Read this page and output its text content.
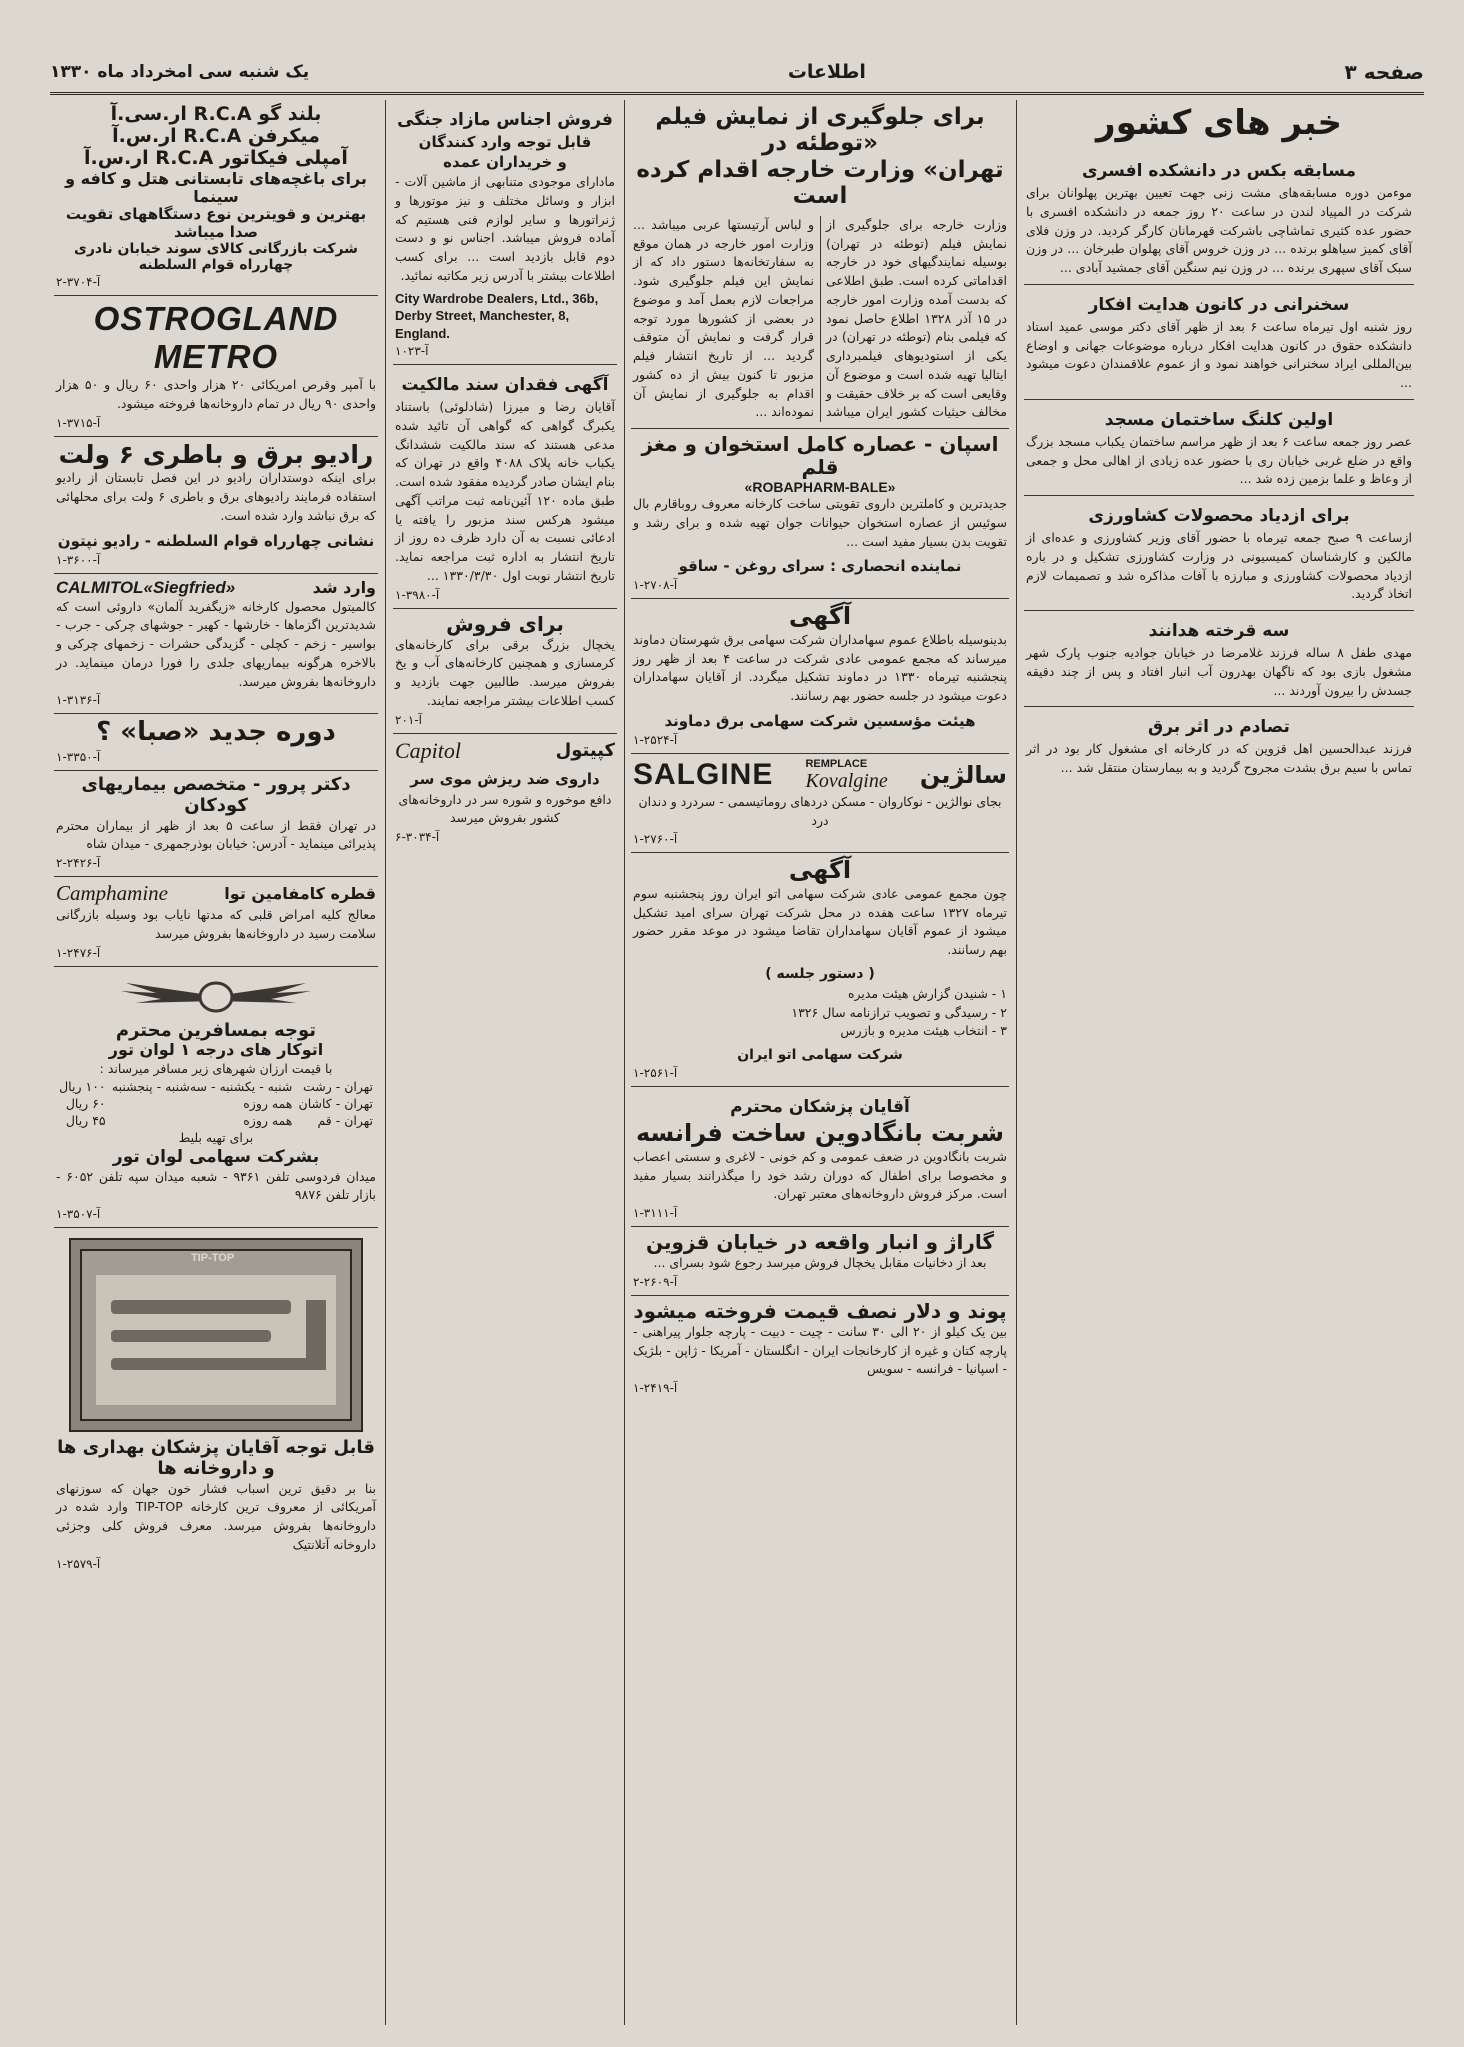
صفحه ۳
اطلاعات
یک شنبه سی امخرداد ماه ۱۳۳۰
خبر های کشور
مسابقه بکس در دانشکده افسری
موءمن دوره مسابقه‌های مشت زنی جهت تعیین بهترین پهلوانان برای شرکت در المپیاد لندن در ساعت ۲۰ روز جمعه در دانشکده افسری با حضور عده کثیری تماشاچی باشرکت قهرمانان کارگر کردید. در وزن فلای آقای کمیز سیاهلو برنده ... در وزن خروس آقای پهلوان طبرخان ... در وزن سبک آقای سپهری برنده ... در وزن نیم سنگین آقای جمشید آبادی ...
سخنرانی در کانون هدایت افکار
روز شنبه اول تیرماه ساعت ۶ بعد از ظهر آقای دکتر موسی عمید استاد دانشکده حقوق در کانون هدایت افکار درباره موضوعات جهانی و اوضاع بین‌المللی ایراد سخنرانی خواهند نمود و از عموم علاقمندان دعوت میشود ...
اولین کلنگ ساختمان مسجد
عصر روز جمعه ساعت ۶ بعد از ظهر مراسم ساختمان یکباب مسجد بزرگ واقع در ضلع غربی خیابان ری با حضور عده زیادی از اهالی محل و جمعی از وعاظ و علما بزمین زده شد ...
برای ازدیاد محصولات کشاورزی
ازساعت ۹ صبح جمعه تیرماه با حضور آقای وزیر کشاورزی و عده‌ای از مالکین و کارشناسان کمیسیونی در وزارت کشاورزی تشکیل و در باره ازدیاد محصولات کشاورزی و مبارزه با آفات مذاکره شد و تصمیمات لازم اتخاذ گردید.
سه قرخته هدانند
مهدی طفل ۸ ساله فرزند غلامرضا در خیابان جوادیه جنوب پارک شهر مشغول بازی بود که ناگهان بهدرون آب انبار افتاد و پس از چند دقیقه جسدش را بیرون آوردند ...
تصادم در اثر برق
فرزند عبدالحسین اهل قزوین که در کارخانه ای مشغول کار بود در اثر تماس با سیم برق بشدت مجروح گردید و به بیمارستان منتقل شد ...
برای جلوگیری از نمایش فیلم «توطئه در
تهران» وزارت خارجه اقدام کرده است
وزارت خارجه برای جلوگیری از نمایش فیلم (توطئه در تهران) بوسیله نمایندگیهای خود در خارجه اقداماتی کرده است. طبق اطلاعی که بدست آمده وزارت امور خارجه در ۱۵ آذر ۱۳۲۸ اطلاع حاصل نمود که فیلمی بنام (توطئه در تهران) در یکی از استودیوهای فیلمبرداری ایتالیا تهیه شده است و موضوع آن وقایعی است که بر خلاف حقیقت و مخالف حیثیات کشور ایران میباشد و لباس آرتیستها عربی میباشد ... وزارت امور خارجه در همان موقع به سفارتخانه‌ها دستور داد که از نمایش این فیلم جلوگیری شود. مراجعات لازم بعمل آمد و موضوع در بعضی از کشورها مورد توجه قرار گرفت و نمایش آن متوقف گردید ... از تاریخ انتشار فیلم مزبور تا کنون بیش از ده کشور اقدام به جلوگیری از نمایش آن نموده‌اند ...
اسپان - عصاره کامل استخوان و مغز قلم
«ROBAPHARM-BALE»
جدیدترین و کاملترین داروی تقویتی ساخت کارخانه معروف روباقارم بال سوئیس از عصاره استخوان حیوانات جوان تهیه شده و برای رشد و تقویت بدن بسیار مفید است ...
نماینده انحصاری : سرای روغن - ساقو
آ-۲۷۰۸-۱
آگهی
بدینوسیله باطلاع عموم سهامداران شرکت سهامی برق شهرستان دماوند میرساند که مجمع عمومی عادی شرکت در ساعت ۴ بعد از ظهر روز پنجشنبه تیرماه ۱۳۳۰ در دماوند تشکیل میگردد. از آقایان سهامداران دعوت میشود در جلسه حضور بهم رسانند.
هیئت مؤسسین شرکت سهامی برق دماوند
آ-۲۵۲۴-۱
SALGINE	REMPLACE
Kovalgine سالژین
بجای نوالژین - نوکاروان - مسکن دردهای روماتیسمی - سردرد و دندان درد
آ-۲۷۶۰-۱
آگهی
چون مجمع عمومی عادی شرکت سهامی اتو ایران روز پنجشنبه سوم تیرماه ۱۳۲۷ ساعت هفده در محل شرکت تهران سرای امید تشکیل میشود از عموم آقایان سهامداران تقاضا میشود در موعد مقرر حضور بهم رسانند.
( دستور جلسه )
۱ - شنیدن گزارش هیئت مدیره
۲ - رسیدگی و تصویب ترازنامه سال ۱۳۲۶
۳ - انتخاب هیئت مدیره و بازرس
شرکت سهامی اتو ایران
آ-۲۵۶۱-۱
آقایان پزشکان محترم
شربت بانگادوین ساخت فرانسه
شربت بانگادوین در ضعف عمومی و کم خونی - لاغری و سستی اعصاب و مخصوصا برای اطفال که دوران رشد خود را میگذرانند بسیار مفید است. مرکز فروش داروخانه‌های معتبر تهران.
آ-۳۱۱۱-۱
گاراژ و انبار واقعه در خیابان قزوین
بعد از دخانیات مقابل یخچال فروش میرسد رجوع شود بسرای ...
آ-۲۶۰۹-۲
پوند و دلار نصف قیمت فروخته میشود
بین یک کیلو از ۲۰ الی ۳۰ سانت - چیت - دبیت - پارچه جلوار پیراهنی - پارچه کتان و غیره از کارخانجات ایران - انگلستان - آمریکا - ژاپن - بلژیک - اسپانیا - فرانسه - سویس
آ-۲۴۱۹-۱
فروش اجناس مازاد جنگی
قابل توجه وارد کنندگان
و خریداران عمده
مادارای موجودی متنابهی از ماشین آلات - ابزار و وسائل مختلف و نیز موتورها و ژنراتورها و سایر لوازم فنی هستیم که آماده فروش میباشد. اجناس نو و دست دوم قابل بازدید است ... برای کسب اطلاعات بیشتر با آدرس زیر مکاتبه نمائید.
City Wardrobe Dealers, Ltd., 36b, Derby Street, Manchester, 8, England.
آ-۱۰۲۳
آگهی فقدان سند مالکیت
آقایان رضا و میرزا (شادلوئی) باستناد یکبرگ گواهی که گواهی آن تائید شده مدعی هستند که سند مالکیت ششدانگ یکباب خانه پلاک ۴۰۸۸ واقع در تهران که بنام ایشان صادر گردیده مفقود شده است. طبق ماده ۱۲۰ آئین‌نامه ثبت مراتب آگهی میشود هرکس سند مزبور را یافته یا ادعائی نسبت به آن دارد ظرف ده روز از تاریخ انتشار به اداره ثبت مراجعه نماید. تاریخ انتشار نوبت اول ۱۳۳۰/۳/۳۰ ...
آ-۳۹۸۰-۱
برای فروش
یخچال بزرگ برقی برای کارخانه‌های کرمسازی و همچنین کارخانه‌های آب و یخ بفروش میرسد. طالبین جهت بازدید و کسب اطلاعات بیشتر مراجعه نمایند.
آ-۲۰۱
Capitol	کپیتول
داروی ضد ریزش موی سر
دافع موخوره و شوره سر در داروخانه‌های کشور بفروش میرسد
آ-۳۰۳۴-۶
بلند گو R.C.A ار.سی.آ
میکرفن R.C.A ار.س.آ
آمپلی فیکاتور R.C.A ار.س.آ
برای باغچه‌های تابستانی هتل و کافه و سینما
بهترین و قویترین نوع دستگاههای تقویت صدا میباشد
شرکت بازرگانی کالای سوند خیابان نادری چهارراه قوام السلطنه
آ-۳۷۰۴-۲
OSTROGLAND METRO
با آمپر وقرص امریکائی ۲۰ هزار واحدی ۶۰ ریال و ۵۰ هزار واحدی ۹۰ ریال در تمام داروخانه‌ها فروخته میشود.
آ-۳۷۱۵-۱
رادیو برق و باطری ۶ ولت
برای اینکه دوستداران رادیو در این فصل تابستان از رادیو استفاده فرمایند رادیوهای برق و باطری ۶ ولت برای محلهائی که برق نباشد وارد شده است.
نشانی چهارراه قوام السلطنه - رادیو نپتون
آ-۳۶۰۰-۱
وارد شد
CALMITOL«Siegfried»
کالمیتول محصول کارخانه «زیگفرید آلمان» داروئی است که شدیدترین اگزماها - خارشها - کهیر - جوشهای چرکی - جرب - بواسیر - زخم - کچلی - گزیدگی حشرات - زخمهای چرکی و بالاخره هرگونه بیماریهای جلدی را فورا درمان مینماید. در داروخانه‌ها بفروش میرسد.
آ-۳۱۳۶-۱
دوره جدید «صبا» ؟
آ-۳۳۵۰-۱
دکتر پرور - متخصص بیماریهای کودکان
در تهران فقط از ساعت ۵ بعد از ظهر از بیماران محترم پذیرائی مینماید - آدرس: خیابان بوذرجمهری - میدان شاه
آ-۲۴۲۶-۲
قطره کامفامین توا
Camphamine
معالج کلیه امراض قلبی که مدتها نایاب بود وسیله بازرگانی سلامت رسید در داروخانه‌ها بفروش میرسد
آ-۲۴۷۶-۱
توجه بمسافرین محترم
اتوکار های درجه ۱ لوان تور
با قیمت ارزان شهرهای زیر مسافر میرساند :
تهران - رشت	شنبه - یکشنبه - سه‌شنبه - پنجشنبه	۱۰۰ ریال
تهران - کاشان	همه روزه	۶۰ ریال
تهران - قم	همه روزه	۴۵ ریال
برای تهیه بلیط
بشرکت سهامی لوان تور
میدان فردوسی تلفن ۹۳۶۱ - شعبه میدان سپه تلفن ۶۰۵۲ - بازار تلفن ۹۸۷۶
آ-۳۵۰۷-۱
TIP-TOP
قابل توجه آقایان پزشکان بهداری ها
و داروخانه ها
بنا بر دقیق ترین اسباب فشار خون جهان که سوزنهای آمریکائی از معروف ترین کارخانه TIP-TOP وارد شده در داروخانه‌ها بفروش میرسد. معرف فروش کلی وجزئی داروخانه آتلانتیک
آ-۲۵۷۹-۱
